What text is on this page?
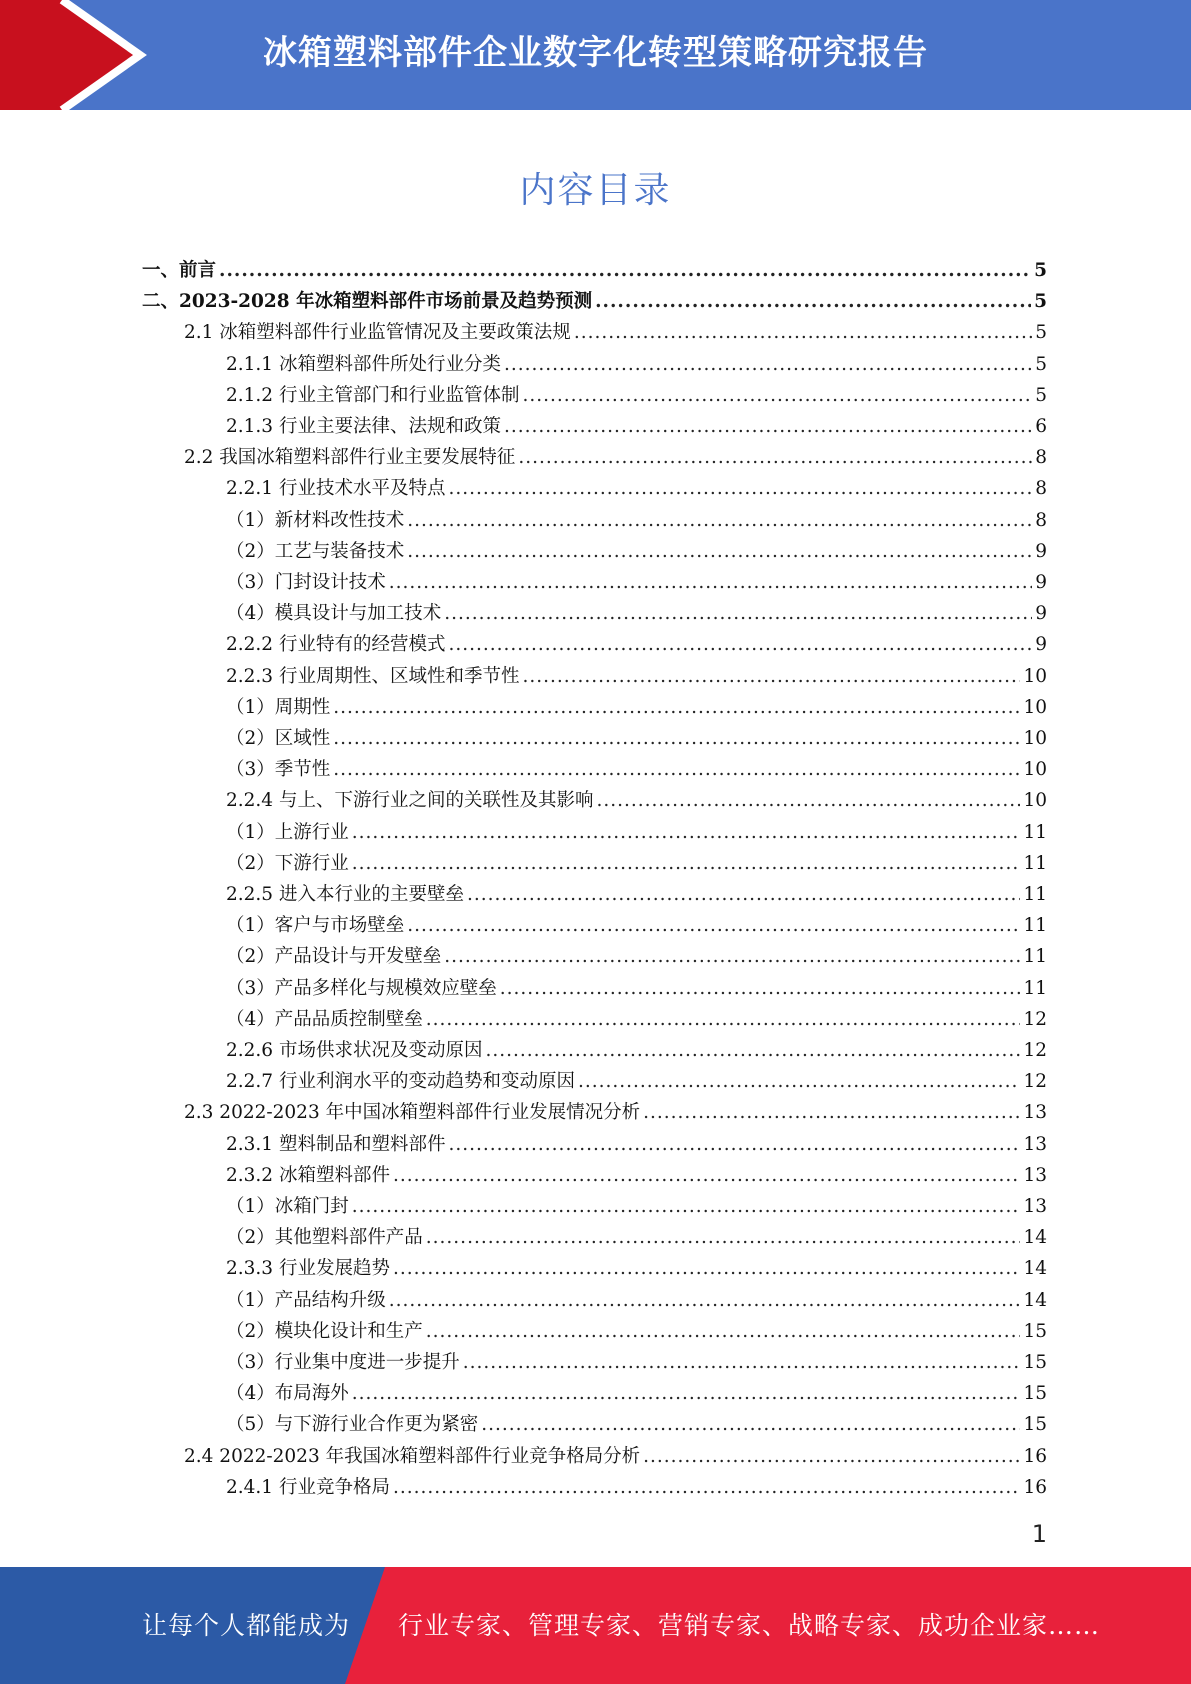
冰箱塑料部件企业数字化转型策略研究报告
内容目录
一、前言 .....	5
二、2023-2028 年冰箱塑料部件市场前景及趋势预测 .....	5
2.1 冰箱塑料部件行业监管情况及主要政策法规 .....	5
2.1.1 冰箱塑料部件所处行业分类 .....	5
2.1.2 行业主管部门和行业监管体制 .....	5
2.1.3 行业主要法律、法规和政策 .....	6
2.2 我国冰箱塑料部件行业主要发展特征 .....	8
2.2.1 行业技术水平及特点 .....	8
（1）新材料改性技术 .....	8
（2）工艺与装备技术 .....	9
（3）门封设计技术 .....	9
（4）模具设计与加工技术 .....	9
2.2.2 行业特有的经营模式 .....	9
2.2.3 行业周期性、区域性和季节性 .....	10
（1）周期性 .....	10
（2）区域性 .....	10
（3）季节性 .....	10
2.2.4 与上、下游行业之间的关联性及其影响 .....	10
（1）上游行业 .....	11
（2）下游行业 .....	11
2.2.5 进入本行业的主要壁垒 .....	11
（1）客户与市场壁垒 .....	11
（2）产品设计与开发壁垒 .....	11
（3）产品多样化与规模效应壁垒 .....	11
（4）产品品质控制壁垒 .....	12
2.2.6 市场供求状况及变动原因 .....	12
2.2.7 行业利润水平的变动趋势和变动原因 .....	12
2.3 2022-2023 年中国冰箱塑料部件行业发展情况分析 .....	13
2.3.1 塑料制品和塑料部件 .....	13
2.3.2 冰箱塑料部件 .....	13
（1）冰箱门封 .....	13
（2）其他塑料部件产品 .....	14
2.3.3 行业发展趋势 .....	14
（1）产品结构升级 .....	14
（2）模块化设计和生产 .....	15
（3）行业集中度进一步提升 .....	15
（4）布局海外 .....	15
（5）与下游行业合作更为紧密 .....	15
2.4 2022-2023 年我国冰箱塑料部件行业竞争格局分析 .....	16
2.4.1 行业竞争格局 .....	16
1
让每个人都能成为 行业专家、管理专家、营销专家、战略专家、成功企业家……
